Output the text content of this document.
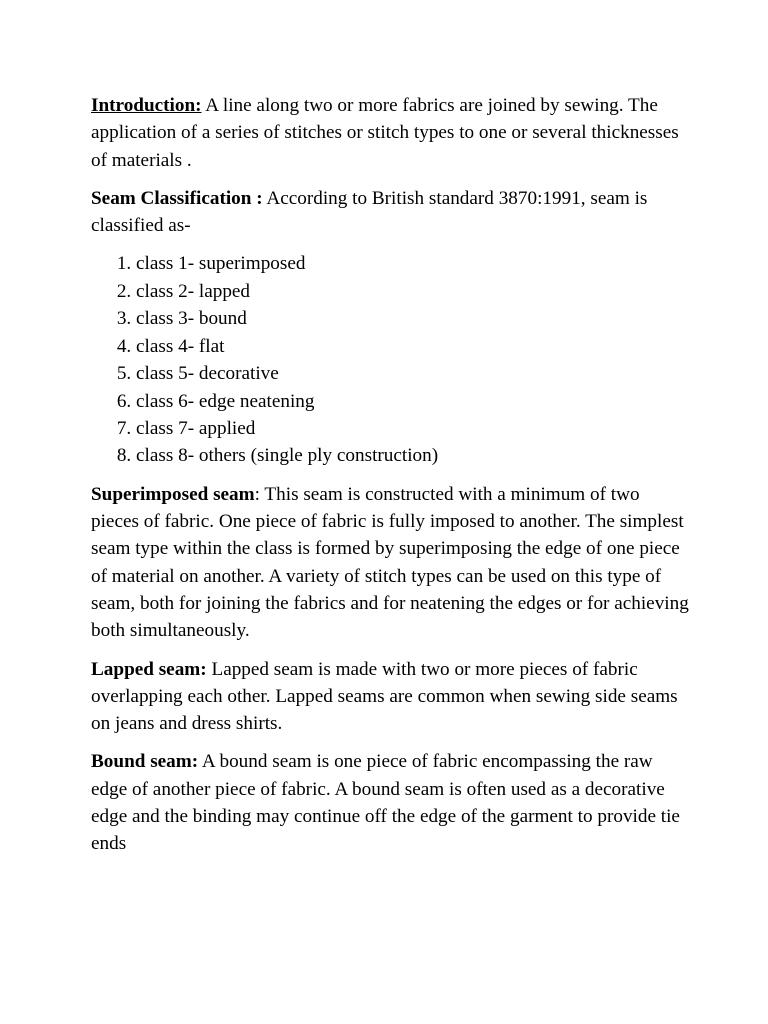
Introduction: A line along two or more fabrics are joined by sewing. The application of a series of stitches or stitch types to one or several thicknesses of materials .

Seam Classification : According to British standard 3870:1991, seam is classified as-

1. class 1- superimposed
2. class 2- lapped
3. class 3- bound
4. class 4- flat
5. class 5- decorative
6. class 6- edge neatening
7. class 7- applied
8. class 8- others (single ply construction)

Superimposed seam: This seam is constructed with a minimum of two pieces of fabric. One piece of fabric is fully imposed to another. The simplest seam type within the class is formed by superimposing the edge of one piece of material on another. A variety of stitch types can be used on this type of seam, both for joining the fabrics and for neatening the edges or for achieving both simultaneously.

Lapped seam: Lapped seam is made with two or more pieces of fabric overlapping each other. Lapped seams are common when sewing side seams on jeans and dress shirts.

Bound seam: A bound seam is one piece of fabric encompassing the raw edge of another piece of fabric. A bound seam is often used as a decorative edge and the binding may continue off the edge of the garment to provide tie ends
